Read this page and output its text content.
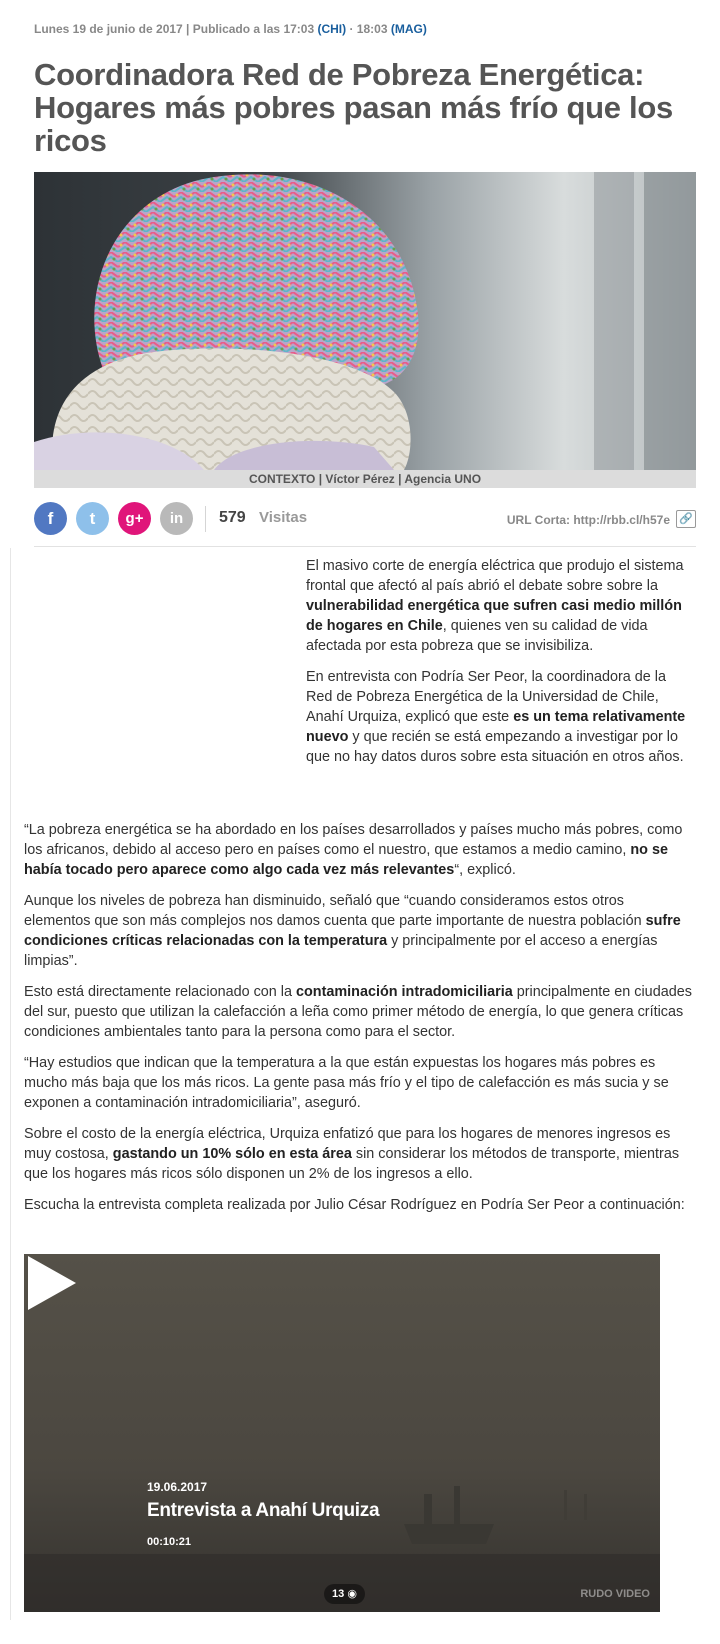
Lunes 19 de junio de 2017 | Publicado a las 17:03 (CHI) · 18:03 (MAG)
Coordinadora Red de Pobreza Energética: Hogares más pobres pasan más frío que los ricos
CONTEXTO | Víctor Pérez | Agencia UNO
f	t	g+	in	579 Visitas	URL Corta: http://rbb.cl/h57e 🔗

El masivo corte de energía eléctrica que produjo el sistema frontal que afectó al país abrió el debate sobre sobre la vulnerabilidad energética que sufren casi medio millón de hogares en Chile, quienes ven su calidad de vida afectada por esta pobreza que se invisibiliza.

En entrevista con Podría Ser Peor, la coordinadora de la Red de Pobreza Energética de la Universidad de Chile, Anahí Urquiza, explicó que este es un tema relativamente nuevo y que recién se está empezando a investigar por lo que no hay datos duros sobre esta situación en otros años.

“La pobreza energética se ha abordado en los países desarrollados y países mucho más pobres, como los africanos, debido al acceso pero en países como el nuestro, que estamos a medio camino, no se había tocado pero aparece como algo cada vez más relevantes“, explicó.

Aunque los niveles de pobreza han disminuido, señaló que “cuando consideramos estos otros elementos que son más complejos nos damos cuenta que parte importante de nuestra población sufre condiciones críticas relacionadas con la temperatura y principalmente por el acceso a energías limpias”.

Esto está directamente relacionado con la contaminación intradomiciliaria principalmente en ciudades del sur, puesto que utilizan la calefacción a leña como primer método de energía, lo que genera críticas condiciones ambientales tanto para la persona como para el sector.

“Hay estudios que indican que la temperatura a la que están expuestas los hogares más pobres es mucho más baja que los más ricos. La gente pasa más frío y el tipo de calefacción es más sucia y se exponen a contaminación intradomiciliaria”, aseguró.

Sobre el costo de la energía eléctrica, Urquiza enfatizó que para los hogares de menores ingresos es muy costosa, gastando un 10% sólo en esta área sin considerar los métodos de transporte, mientras que los hogares más ricos sólo disponen un 2% de los ingresos a ello.

Escucha la entrevista completa realizada por Julio César Rodríguez en Podría Ser Peor a continuación:

19.06.2017
Entrevista a Anahí Urquiza
00:10:21
13 ◉	RUDO VIDEO
